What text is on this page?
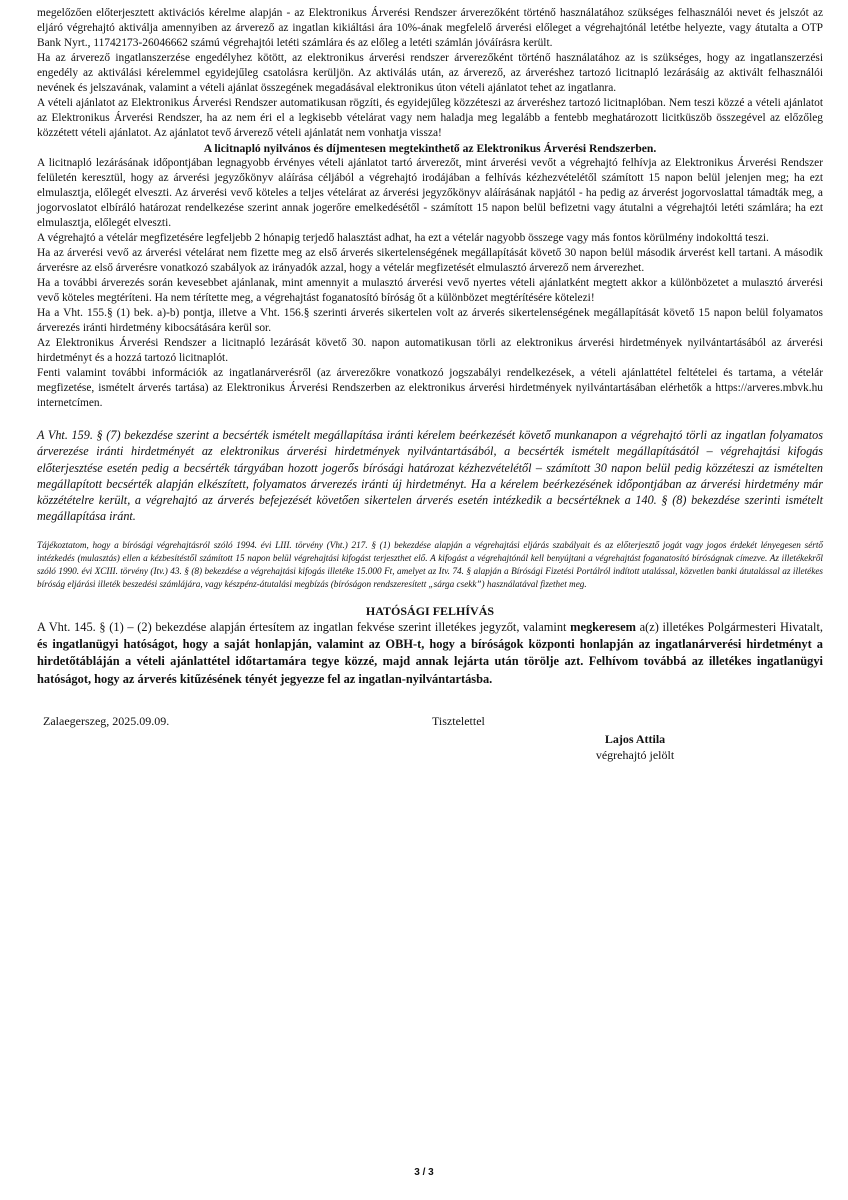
megelőzően előterjesztett aktivációs kérelme alapján - az Elektronikus Árverési Rendszer árverezőként történő használatához szükséges felhasználói nevet és jelszót az eljáró végrehajtó aktiválja amennyiben az árverező az ingatlan kikiáltási ára 10%-ának megfelelő árverési előleget a végrehajtónál letétbe helyezte, vagy átutalta a OTP Bank Nyrt., 11742173-26046662 számú végrehajtói letéti számlára és az előleg a letéti számlán jóváírásra került.

Ha az árverező ingatlanszerzése engedélyhez kötött, az elektronikus árverési rendszer árverezőként történő használatához az is szükséges, hogy az ingatlanszerzési engedély az aktiválási kérelemmel egyidejűleg csatolásra kerüljön. Az aktiválás után, az árverező, az árveréshez tartozó licitnapló lezárásáig az aktivált felhasználói nevének és jelszavának, valamint a vételi ajánlat összegének megadásával elektronikus úton vételi ajánlatot tehet az ingatlanra.

A vételi ajánlatot az Elektronikus Árverési Rendszer automatikusan rögzíti, és egyidejűleg közzéteszi az árveréshez tartozó licitnaplóban. Nem teszi közzé a vételi ajánlatot az Elektronikus Árverési Rendszer, ha az nem éri el a legkisebb vételárat vagy nem haladja meg legalább a fentebb meghatározott licitküszöb összegével az előzőleg közzétett vételi ajánlatot. Az ajánlatot tevő árverező vételi ajánlatát nem vonhatja vissza!

A licitnapló nyilvános és díjmentesen megtekinthető az Elektronikus Árverési Rendszerben.

A licitnapló lezárásának időpontjában legnagyobb érvényes vételi ajánlatot tartó árverezőt, mint árverési vevőt a végrehajtó felhívja az Elektronikus Árverési Rendszer felületén keresztül, hogy az árverési jegyzőkönyv aláírása céljából a végrehajtó irodájában a felhívás kézhezvételétől számított 15 napon belül jelenjen meg; ha ezt elmulasztja, előlegét elveszti. Az árverési vevő köteles a teljes vételárat az árverési jegyzőkönyv aláírásának napjától - ha pedig az árverést jogorvoslattal támadták meg, a jogorvoslatot elbíráló határozat rendelkezése szerint annak jogerőre emelkedésétől - számított 15 napon belül befizetni vagy átutalni a végrehajtói letéti számlára; ha ezt elmulasztja, előlegét elveszti.

A végrehajtó a vételár megfizetésére legfeljebb 2 hónapig terjedő halasztást adhat, ha ezt a vételár nagyobb összege vagy más fontos körülmény indokolttá teszi.

Ha az árverési vevő az árverési vételárat nem fizette meg az első árverés sikertelenségének megállapítását követő 30 napon belül második árverést kell tartani. A második árverésre az első árverésre vonatkozó szabályok az irányadók azzal, hogy a vételár megfizetését elmulasztó árverező nem árverezhet.

Ha a további árverezés során kevesebbet ajánlanak, mint amennyit a mulasztó árverési vevő nyertes vételi ajánlatként megtett akkor a különbözetet a mulasztó árverési vevő köteles megtéríteni. Ha nem térítette meg, a végrehajtást foganatosító bíróság őt a különbözet megtérítésére kötelezi!

Ha a Vht. 155.§ (1) bek. a)-b) pontja, illetve a Vht. 156.§ szerinti árverés sikertelen volt az árverés sikertelenségének megállapítását követő 15 napon belül folyamatos árverezés iránti hirdetmény kibocsátására kerül sor.

Az Elektronikus Árverési Rendszer a licitnapló lezárását követő 30. napon automatikusan törli az elektronikus árverési hirdetmények nyilvántartásából az árverési hirdetményt és a hozzá tartozó licitnaplót.

Fenti valamint további információk az ingatlanárverésről (az árverezőkre vonatkozó jogszabályi rendelkezések, a vételi ajánlattétel feltételei és tartama, a vételár megfizetése, ismételt árverés tartása) az Elektronikus Árverési Rendszerben az elektronikus árverési hirdetmények nyilvántartásában elérhetők a https://arveres.mbvk.hu internetcímen.

A Vht. 159. § (7) bekezdése szerint a becsérték ismételt megállapítása iránti kérelem beérkezését követő munkanapon a végrehajtó törli az ingatlan folyamatos árverezése iránti hirdetményét az elektronikus árverési hirdetmények nyilvántartásából, a becsérték ismételt megállapításától – végrehajtási kifogás előterjesztése esetén pedig a becsérték tárgyában hozott jogerős bírósági határozat kézhezvételétől – számított 30 napon belül pedig közzéteszi az ismételten megállapított becsérték alapján elkészített, folyamatos árverezés iránti új hirdetményt. Ha a kérelem beérkezésének időpontjában az árverési hirdetmény már közzétételre került, a végrehajtó az árverés befejezését követően sikertelen árverés esetén intézkedik a becsértéknek a 140. § (8) bekezdése szerinti ismételt megállapítása iránt.
Tájékoztatom, hogy a bírósági végrehajtásról szóló 1994. évi LIII. törvény (Vht.) 217. § (1) bekezdése alapján a végrehajtási eljárás szabályait és az előterjesztő jogát vagy jogos érdekét lényegesen sértő intézkedés (mulasztás) ellen a kézbesítéstől számított 15 napon belül végrehajtási kifogást terjeszthet elő. A kifogást a végrehajtónál kell benyújtani a végrehajtást foganatosító bíróságnak címezve. Az illetékekről szóló 1990. évi XCIII. törvény (Itv.) 43. § (8) bekezdése a végrehajtási kifogás illetéke 15.000 Ft, amelyet az Itv. 74. § alapján a Bírósági Fizetési Portálról indított utalással, közvetlen banki átutalással az illetékes bíróság eljárási illeték beszedési számlájára, vagy készpénz-átutalási megbízás (bíróságon rendszeresített „sárga csekk”) használatával fizethet meg.
HATÓSÁGI FELHÍVÁS
A Vht. 145. § (1) – (2) bekezdése alapján értesítem az ingatlan fekvése szerint illetékes jegyzőt, valamint megkeresem a(z) illetékes Polgármesteri Hivatalt, és ingatlanügyi hatóságot, hogy a saját honlapján, valamint az OBH-t, hogy a bíróságok központi honlapján az ingatlanárverési hirdetményt a hirdetőtábláján a vételi ajánlattétel időtartamára tegye közzé, majd annak lejárta után törölje azt. Felhívom továbbá az illetékes ingatlanügyi hatóságot, hogy az árverés kitűzésének tényét jegyezze fel az ingatlan-nyilvántartásba.
Zalaegerszeg, 2025.09.09.	Tisztelettel
Lajos Attila
végrehajtó jelölt
3 / 3
